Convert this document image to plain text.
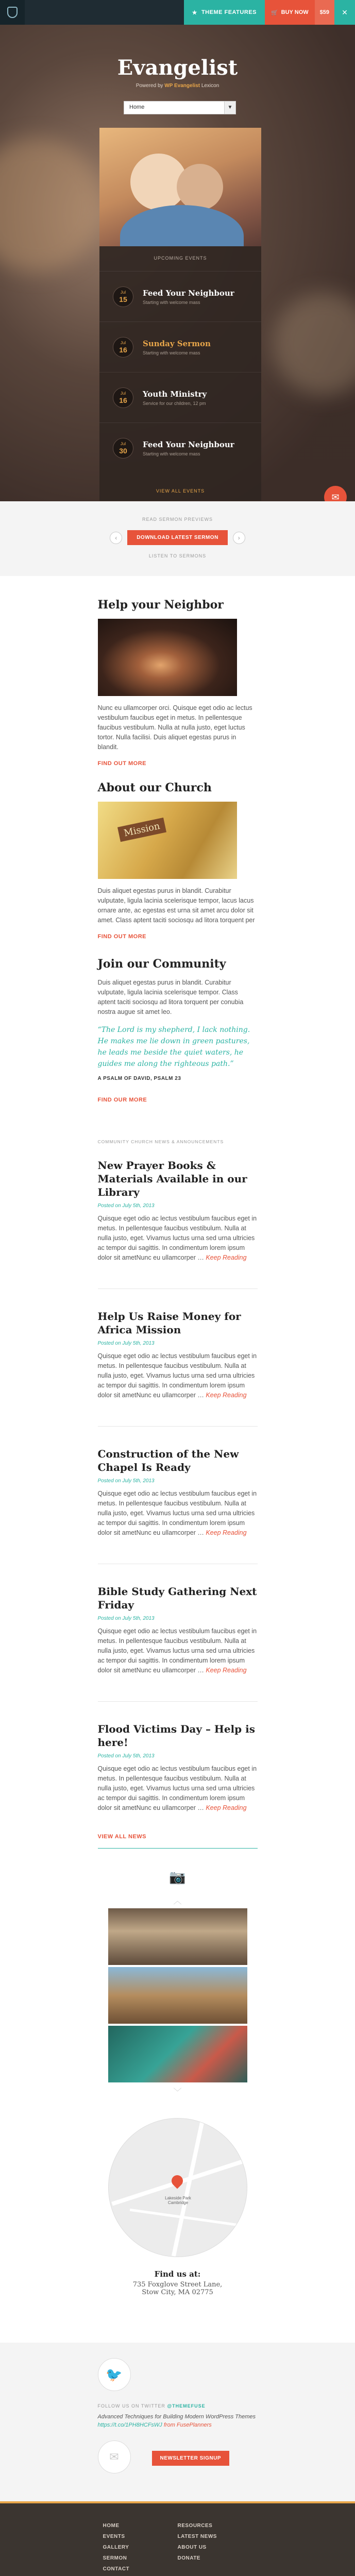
★ THEME FEATURES	🛒 BUY NOW	$59	✕
Evangelist
Powered by WP Evangelist Lexicon
Home	▼
UPCOMING EVENTS
Jul
15
Feed Your Neighbour
Starting with welcome mass
Jul
16
Sunday Sermon
Starting with welcome mass
Jul
16
Youth Ministry
Service for our children, 12 pm
Jul
30
Feed Your Neighbour
Starting with welcome mass
VIEW ALL EVENTS
✉
READ SERMON PREVIEWS
‹	DOWNLOAD LATEST SERMON	›
LISTEN TO SERMONS
Help your Neighbor

Nunc eu ullamcorper orci. Quisque eget odio ac lectus vestibulum faucibus eget in metus. In pellentesque faucibus vestibulum. Nulla at nulla justo, eget luctus tortor. Nulla facilisi. Duis aliquet egestas purus in blandit.

FIND OUT MORE
About our Church
Mission

Duis aliquet egestas purus in blandit. Curabitur vulputate, ligula lacinia scelerisque tempor, lacus lacus ornare ante, ac egestas est urna sit amet arcu dolor sit amet. Class aptent taciti sociosqu ad litora torquent per

FIND OUT MORE
Join our Community

Duis aliquet egestas purus in blandit. Curabitur vulputate, ligula lacinia scelerisque tempor. Class aptent taciti sociosqu ad litora torquent per conubia nostra augue sit amet leo.

“The Lord is my shepherd, I lack nothing. He makes me lie down in green pastures, he leads me beside the quiet waters, he guides me along the righteous path.”
A PSALM OF DAVID, PSALM 23
FIND OUR MORE
COMMUNITY CHURCH NEWS & ANNOUNCEMENTS
New Prayer Books & Materials Available in our Library
Posted on July 5th, 2013

Quisque eget odio ac lectus vestibulum faucibus eget in metus. In pellentesque faucibus vestibulum. Nulla at nulla justo, eget. Vivamus luctus urna sed urna ultricies ac tempor dui sagittis. In condimentum lorem ipsum dolor sit ametNunc eu ullamcorper … Keep Reading

Help Us Raise Money for Africa Mission
Posted on July 5th, 2013

Quisque eget odio ac lectus vestibulum faucibus eget in metus. In pellentesque faucibus vestibulum. Nulla at nulla justo, eget. Vivamus luctus urna sed urna ultricies ac tempor dui sagittis. In condimentum lorem ipsum dolor sit ametNunc eu ullamcorper … Keep Reading

Construction of the New Chapel Is Ready
Posted on July 5th, 2013

Quisque eget odio ac lectus vestibulum faucibus eget in metus. In pellentesque faucibus vestibulum. Nulla at nulla justo, eget. Vivamus luctus urna sed urna ultricies ac tempor dui sagittis. In condimentum lorem ipsum dolor sit ametNunc eu ullamcorper … Keep Reading

Bible Study Gathering Next Friday
Posted on July 5th, 2013

Quisque eget odio ac lectus vestibulum faucibus eget in metus. In pellentesque faucibus vestibulum. Nulla at nulla justo, eget. Vivamus luctus urna sed urna ultricies ac tempor dui sagittis. In condimentum lorem ipsum dolor sit ametNunc eu ullamcorper … Keep Reading

Flood Victims Day – Help is here!
Posted on July 5th, 2013

Quisque eget odio ac lectus vestibulum faucibus eget in metus. In pellentesque faucibus vestibulum. Nulla at nulla justo, eget. Vivamus luctus urna sed urna ultricies ac tempor dui sagittis. In condimentum lorem ipsum dolor sit ametNunc eu ullamcorper … Keep Reading

VIEW ALL NEWS
📷
︿
﹀
Lakeside Park Cambridge
Find us at:
735 Foxglove Street Lane,
Stow City, MA 02775
🐦
FOLLOW US ON TWITTER @THEMEFUSE
Advanced Techniques for Building Modern WordPress Themes https://t.co/1PH8HCFsWJ from FusePlanners
✉	NEWSLETTER SIGNUP
HOME
EVENTS
GALLERY
SERMON
CONTACT
RESOURCES
LATEST NEWS
ABOUT US
DONATE
